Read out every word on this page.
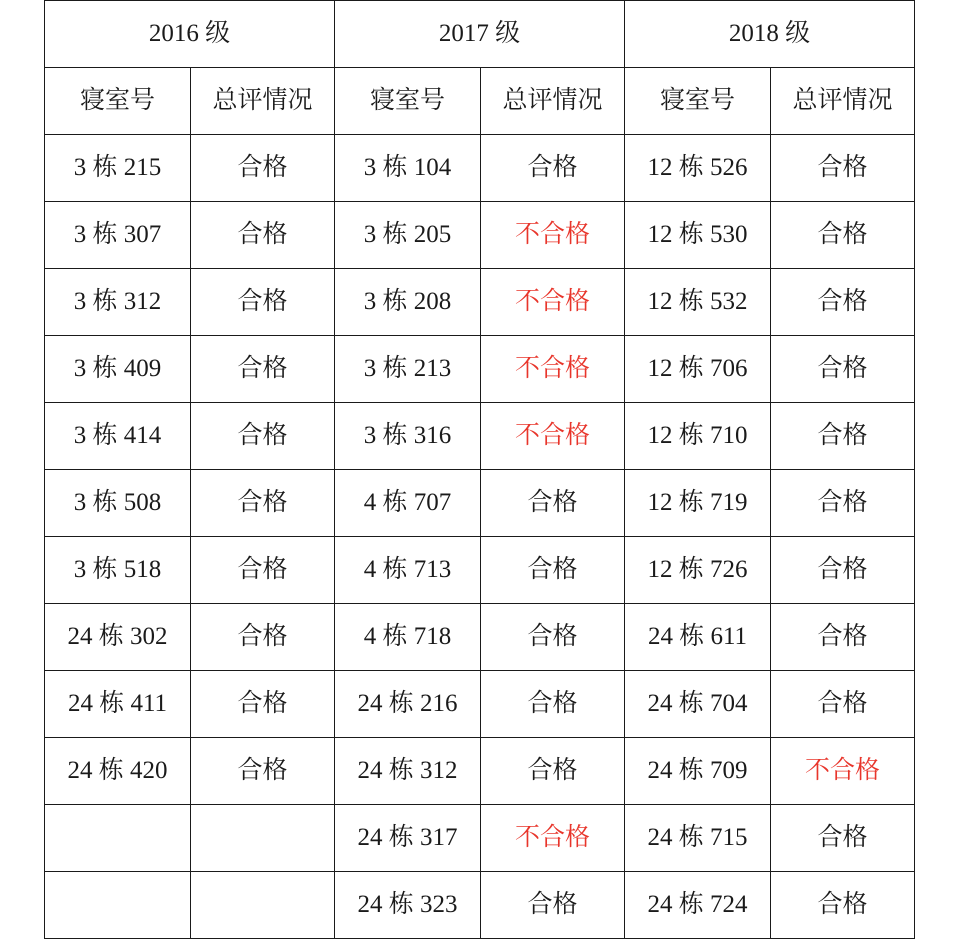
2016 级		2017 级		2018 级	
寝室号	总评情况	寝室号	总评情况	寝室号	总评情况
3 栋 215	合格	3 栋 104	合格	12 栋 526	合格
3 栋 307	合格	3 栋 205	不合格	12 栋 530	合格
3 栋 312	合格	3 栋 208	不合格	12 栋 532	合格
3 栋 409	合格	3 栋 213	不合格	12 栋 706	合格
3 栋 414	合格	3 栋 316	不合格	12 栋 710	合格
3 栋 508	合格	4 栋 707	合格	12 栋 719	合格
3 栋 518	合格	4 栋 713	合格	12 栋 726	合格
24 栋 302	合格	4 栋 718	合格	24 栋 611	合格
24 栋 411	合格	24 栋 216	合格	24 栋 704	合格
24 栋 420	合格	24 栋 312	合格	24 栋 709	不合格
		24 栋 317	不合格	24 栋 715	合格
		24 栋 323	合格	24 栋 724	合格
